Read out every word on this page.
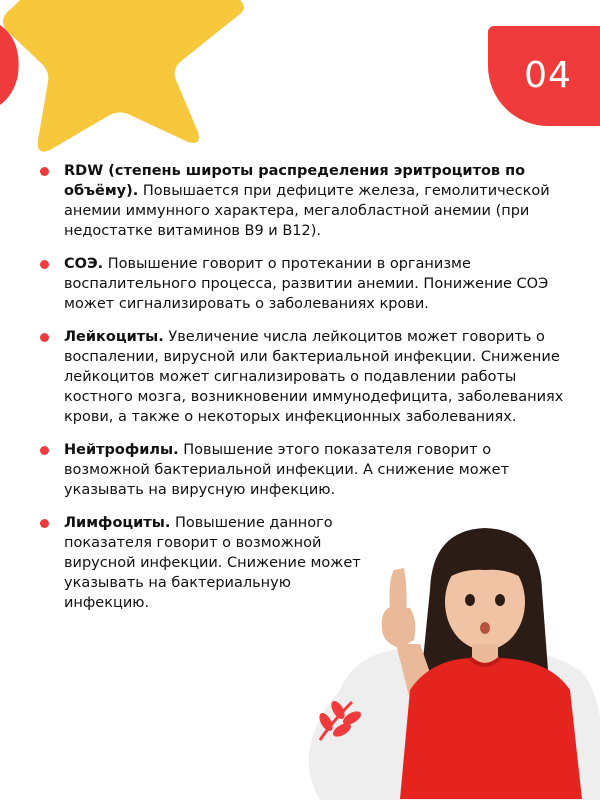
04
RDW (степень широты распределения эритроцитов по объёму). Повышается при дефиците железа, гемолитической анемии иммунного характера, мегалобластной анемии (при недостатке витаминов B9 и B12).
СОЭ. Повышение говорит о протекании в организме воспалительного процесса, развитии анемии. Понижение СОЭ может сигнализировать о заболеваниях крови.
Лейкоциты. Увеличение числа лейкоцитов может говорить о воспалении, вирусной или бактериальной инфекции. Снижение лейкоцитов может сигнализировать о подавлении работы костного мозга, возникновении иммунодефицита, заболеваниях крови, а также о некоторых инфекционных заболеваниях.
Нейтрофилы. Повышение этого показателя говорит о возможной бактериальной инфекции. А снижение может указывать на вирусную инфекцию.
Лимфоциты. Повышение данного показателя говорит о возможной вирусной инфекции. Снижение может указывать на бактериальную инфекцию.
